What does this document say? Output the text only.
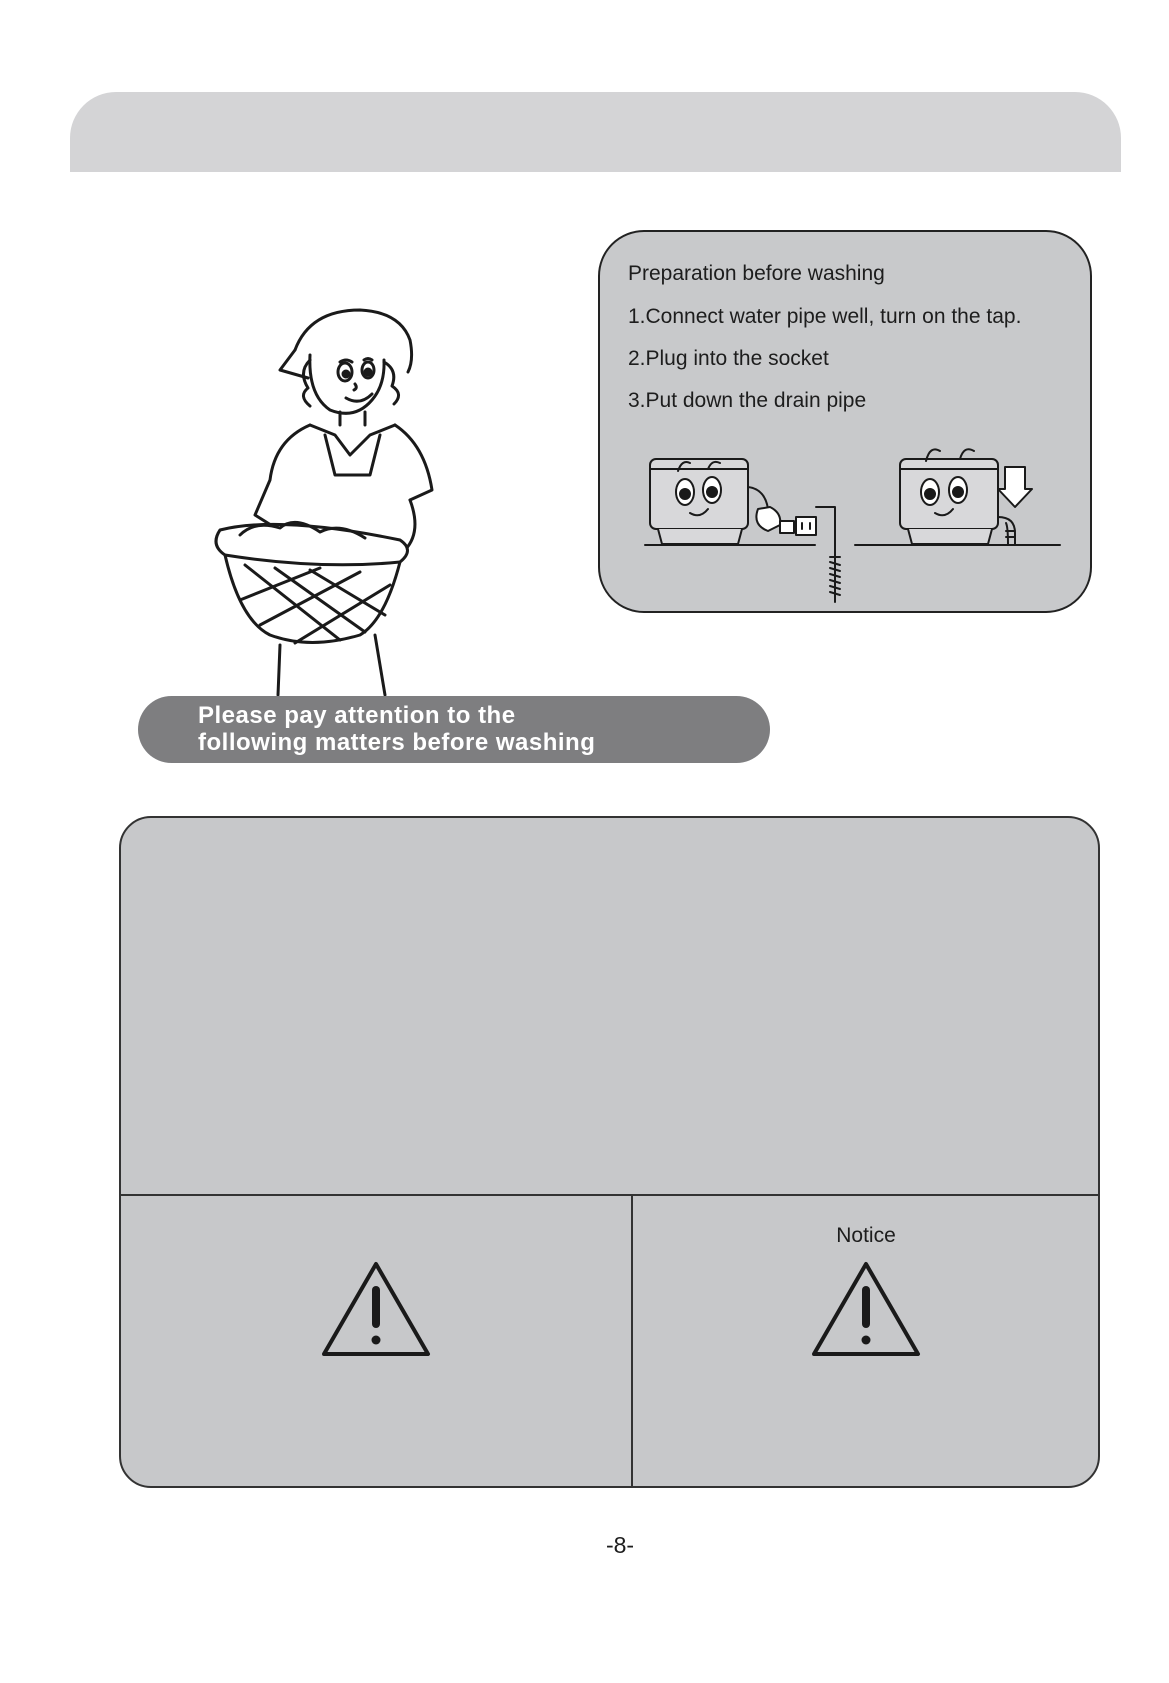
Preparation before washing
1.Connect water pipe well, turn on the tap.
2.Plug into the socket
3.Put down the drain pipe
Please pay attention to the
following matters before washing
Notice
-8-
